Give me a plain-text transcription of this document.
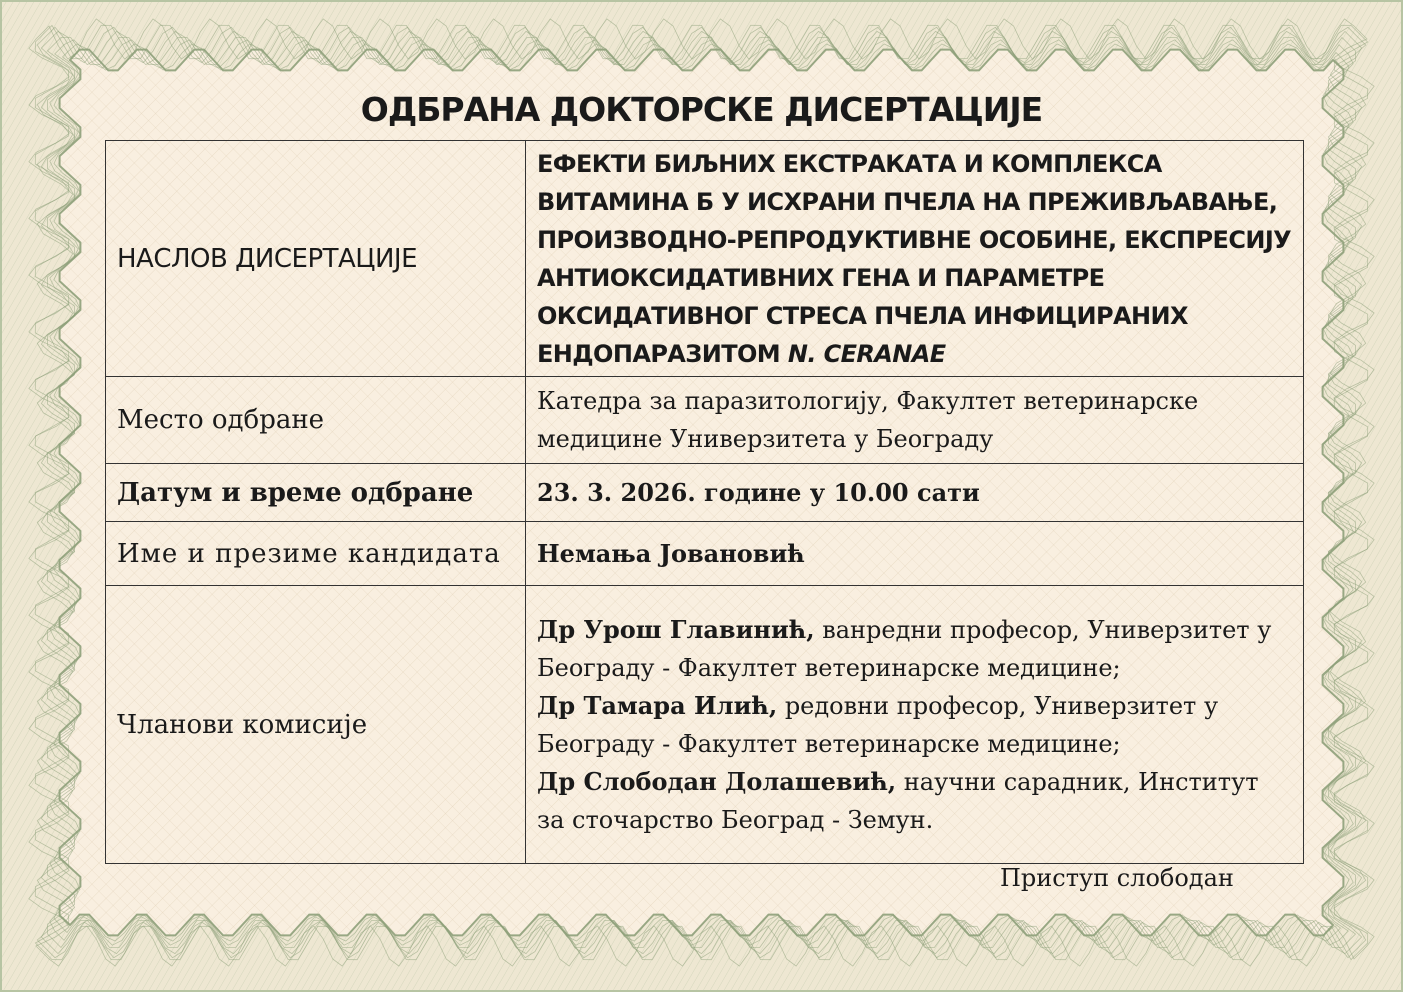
ОДБРАНА ДОКТОРСКЕ ДИСЕРТАЦИЈЕ
НАСЛОВ ДИСЕРТАЦИЈЕ	ЕФЕКТИ БИЉНИХ ЕКСТРАКАТА И КОМПЛЕКСА ВИТАМИНА Б У ИСХРАНИ ПЧЕЛА НА ПРЕЖИВЉАВАЊЕ, ПРОИЗВОДНО-РЕПРОДУКТИВНЕ ОСОБИНЕ, ЕКСПРЕСИЈУ АНТИОКСИДАТИВНИХ ГЕНА И ПАРАМЕТРЕ ОКСИДАТИВНОГ СТРЕСА ПЧЕЛА ИНФИЦИРАНИХ ЕНДОПАРАЗИТОМ N. CERANAE
Место одбране	Катедра за паразитологију, Факултет ветеринарске медицине Универзитета у Београду
Датум и време одбране	23. 3. 2026. године у 10.00 сати
Име и презиме кандидата	Немања Јовановић
Чланови комисије	Др Урош Главинић, ванредни професор, Универзитет у Београду - Факултет ветеринарске медицине;
Др Тамара Илић, редовни професор, Универзитет у Београду - Факултет ветеринарске медицине;
Др Слободан Долашевић, научни сарадник, Институт за сточарство Београд - Земун.
Приступ слободан
